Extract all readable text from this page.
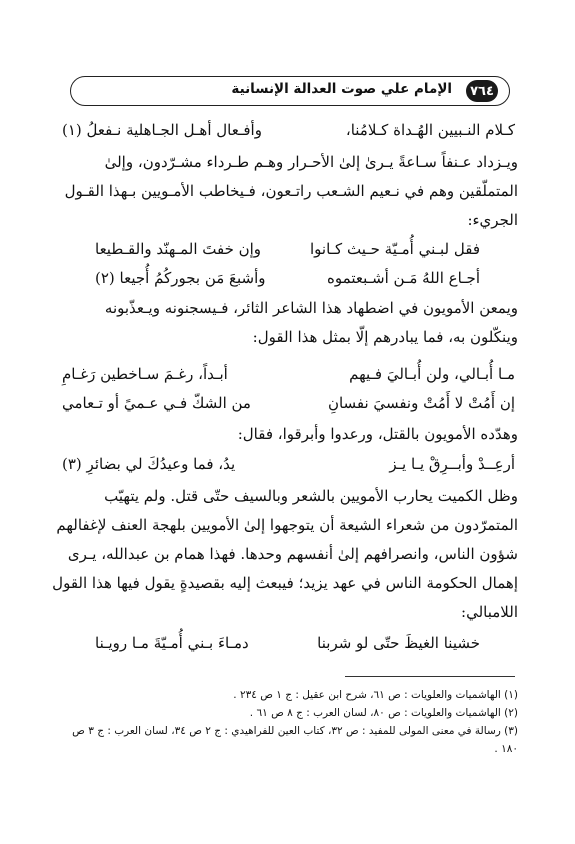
٧٦٤
الإمام علي صوت العدالة الإنسانية
كـلام النـبيين الهُـداة كـلامُنا،
وأفـعال أهـل الجـاهلية نـفعلُ (١)
ويـزداد عـنفاً سـاعةً يـرىٰ إلىٰ الأحـرار وهـم طـرداء مشـرّدون، وإلىٰ
المتملّقين وهم في نـعيم الشـعب راتـعون، فـيخاطب الأمـويين بـهذا القـول
الجريء:
فقل لبـني أُمـيّة حـيث كـانوا
وإن خفتَ المـهنّد والقـطيعا
أجـاع اللهُ مَـن أشـبعتمو‌ه
وأشبعَ مَن بجوركُمُ أُجيعا (٢)
ويمعن الأمويون في اضطهاد هذا الشاعر الثائر، فـيسجنونه ويـعذّبونه
وينكّلون به، فما يبادرهم إلّا بمثل هذا القول:
مـا أُبـالي، ولن أُبـاليَ فـيهم
أبـداً، رغـمَ سـاخطين رَغـامِ
إن أَمُتْ لا أَمُتْ ونفسيَ نفسانِ
من الشكّ فـي عـميً أو تـعامي
وهدّده الأمويون بالقتل، ورعدوا وأبرقوا، فقال:
أرعِــدْ وأبــرِقْ يـا يـز
يدُ، فما وعيدُكَ لي بضائرِ (٣)
وظل الكميت يحارب الأمويين بالشعر وبالسيف حتّى قتل. ولم يتهيّب
المتمرّدون من شعراء الشيعة أن يتوجهوا إلىٰ الأمويين بلهجة العنف لإغفالهم
شؤون الناس، وانصرافهم إلىٰ أنفسهم وحدها. فهذا همام بن عبدالله، يـرى
إهمال الحكومة الناس في عهد يزيد؛ فيبعث إليه بقصيدةٍ يقول فيها هذا القول
اللامبالي:
خشينا الغيظَ حتّى لو شربنا
دمـاءَ بـني أُمـيّةَ مـا رويـنا
(١) الهاشميات والعلويات : ص ٦١، شرح ابن عقيل : ج ١ ص ٢٣٤ .
(٢) الهاشميات والعلويات : ص ٨٠، لسان العرب : ج ٨ ص ٦١ .
(٣) رسالة في معنى المولى للمفيد : ص ٣٢، كتاب العين للفراهيدي : ج ٢ ص ٣٤، لسان العرب : ج ٣ ص
١٨٠ .
